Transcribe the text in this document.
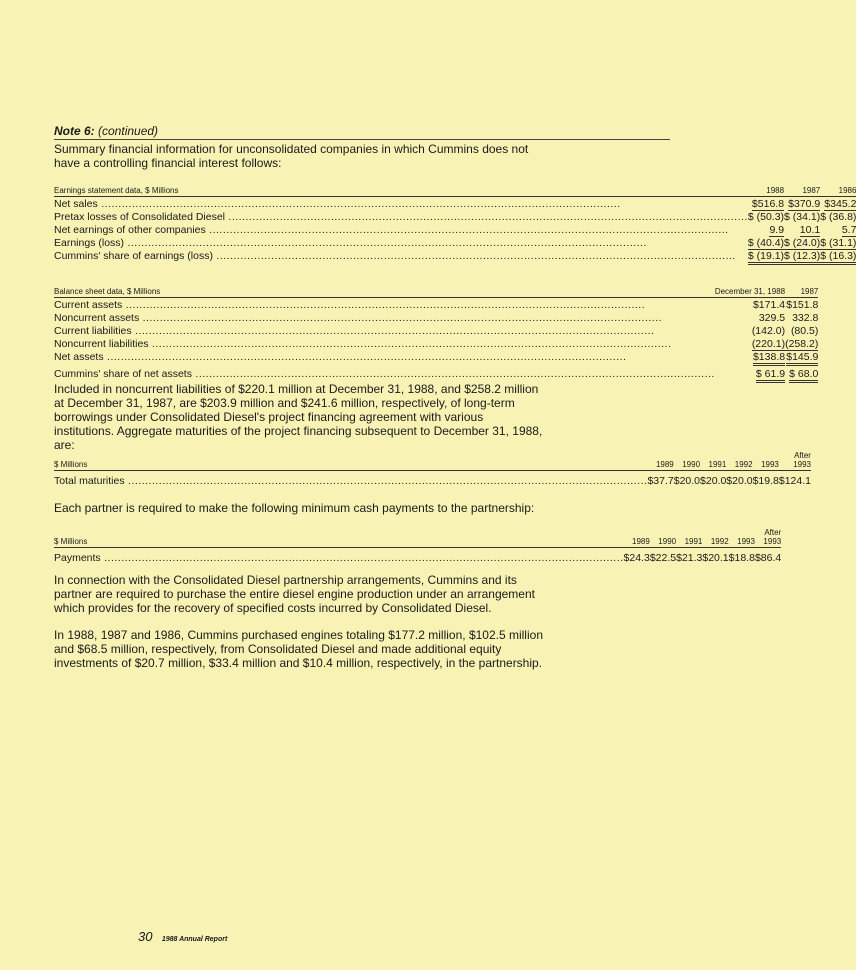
Note 6: (continued)

Summary financial information for unconsolidated companies in which Cummins does not have a controlling financial interest follows:

Earnings statement data, $ Millions	1988	1987	1986
Net sales .....	$516.8	$370.9	$345.2
Pretax losses of Consolidated Diesel .....	$ (50.3)	$ (34.1)	$ (36.8)
Net earnings of other companies .....	9.9	10.1	5.7
Earnings (loss) .....	$ (40.4)	$ (24.0)	$ (31.1)
Cummins' share of earnings (loss) .....	$ (19.1)	$ (12.3)	$ (16.3)
Balance sheet data, $ Millions	December 31, 1988	1987
Current assets .....	$171.4	$151.8
Noncurrent assets .....	329.5	332.8
Current liabilities .....	(142.0)	(80.5)
Noncurrent liabilities .....	(220.1)	(258.2)
Net assets .....	$138.8	$145.9
Cummins' share of net assets .....	$ 61.9	$ 68.0

Included in noncurrent liabilities of $220.1 million at December 31, 1988, and $258.2 million at December 31, 1987, are $203.9 million and $241.6 million, respectively, of long-term borrowings under Consolidated Diesel's project financing agreement with various institutions. Aggregate maturities of the project financing subsequent to December 31, 1988, are:

$ Millions	1989	1990	1991	1992	1993	After
1993
Total maturities .....	$37.7	$20.0	$20.0	$20.0	$19.8	$124.1

Each partner is required to make the following minimum cash payments to the partnership:

$ Millions	1989	1990	1991	1992	1993	After
1993
Payments .....	$24.3	$22.5	$21.3	$20.1	$18.8	$86.4

In connection with the Consolidated Diesel partnership arrangements, Cummins and its partner are required to purchase the entire diesel engine production under an arrangement which provides for the recovery of specified costs incurred by Consolidated Diesel.

In 1988, 1987 and 1986, Cummins purchased engines totaling $177.2 million, $102.5 million and $68.5 million, respectively, from Consolidated Diesel and made additional equity investments of $20.7 million, $33.4 million and $10.4 million, respectively, in the partnership.

30 1988 Annual Report
